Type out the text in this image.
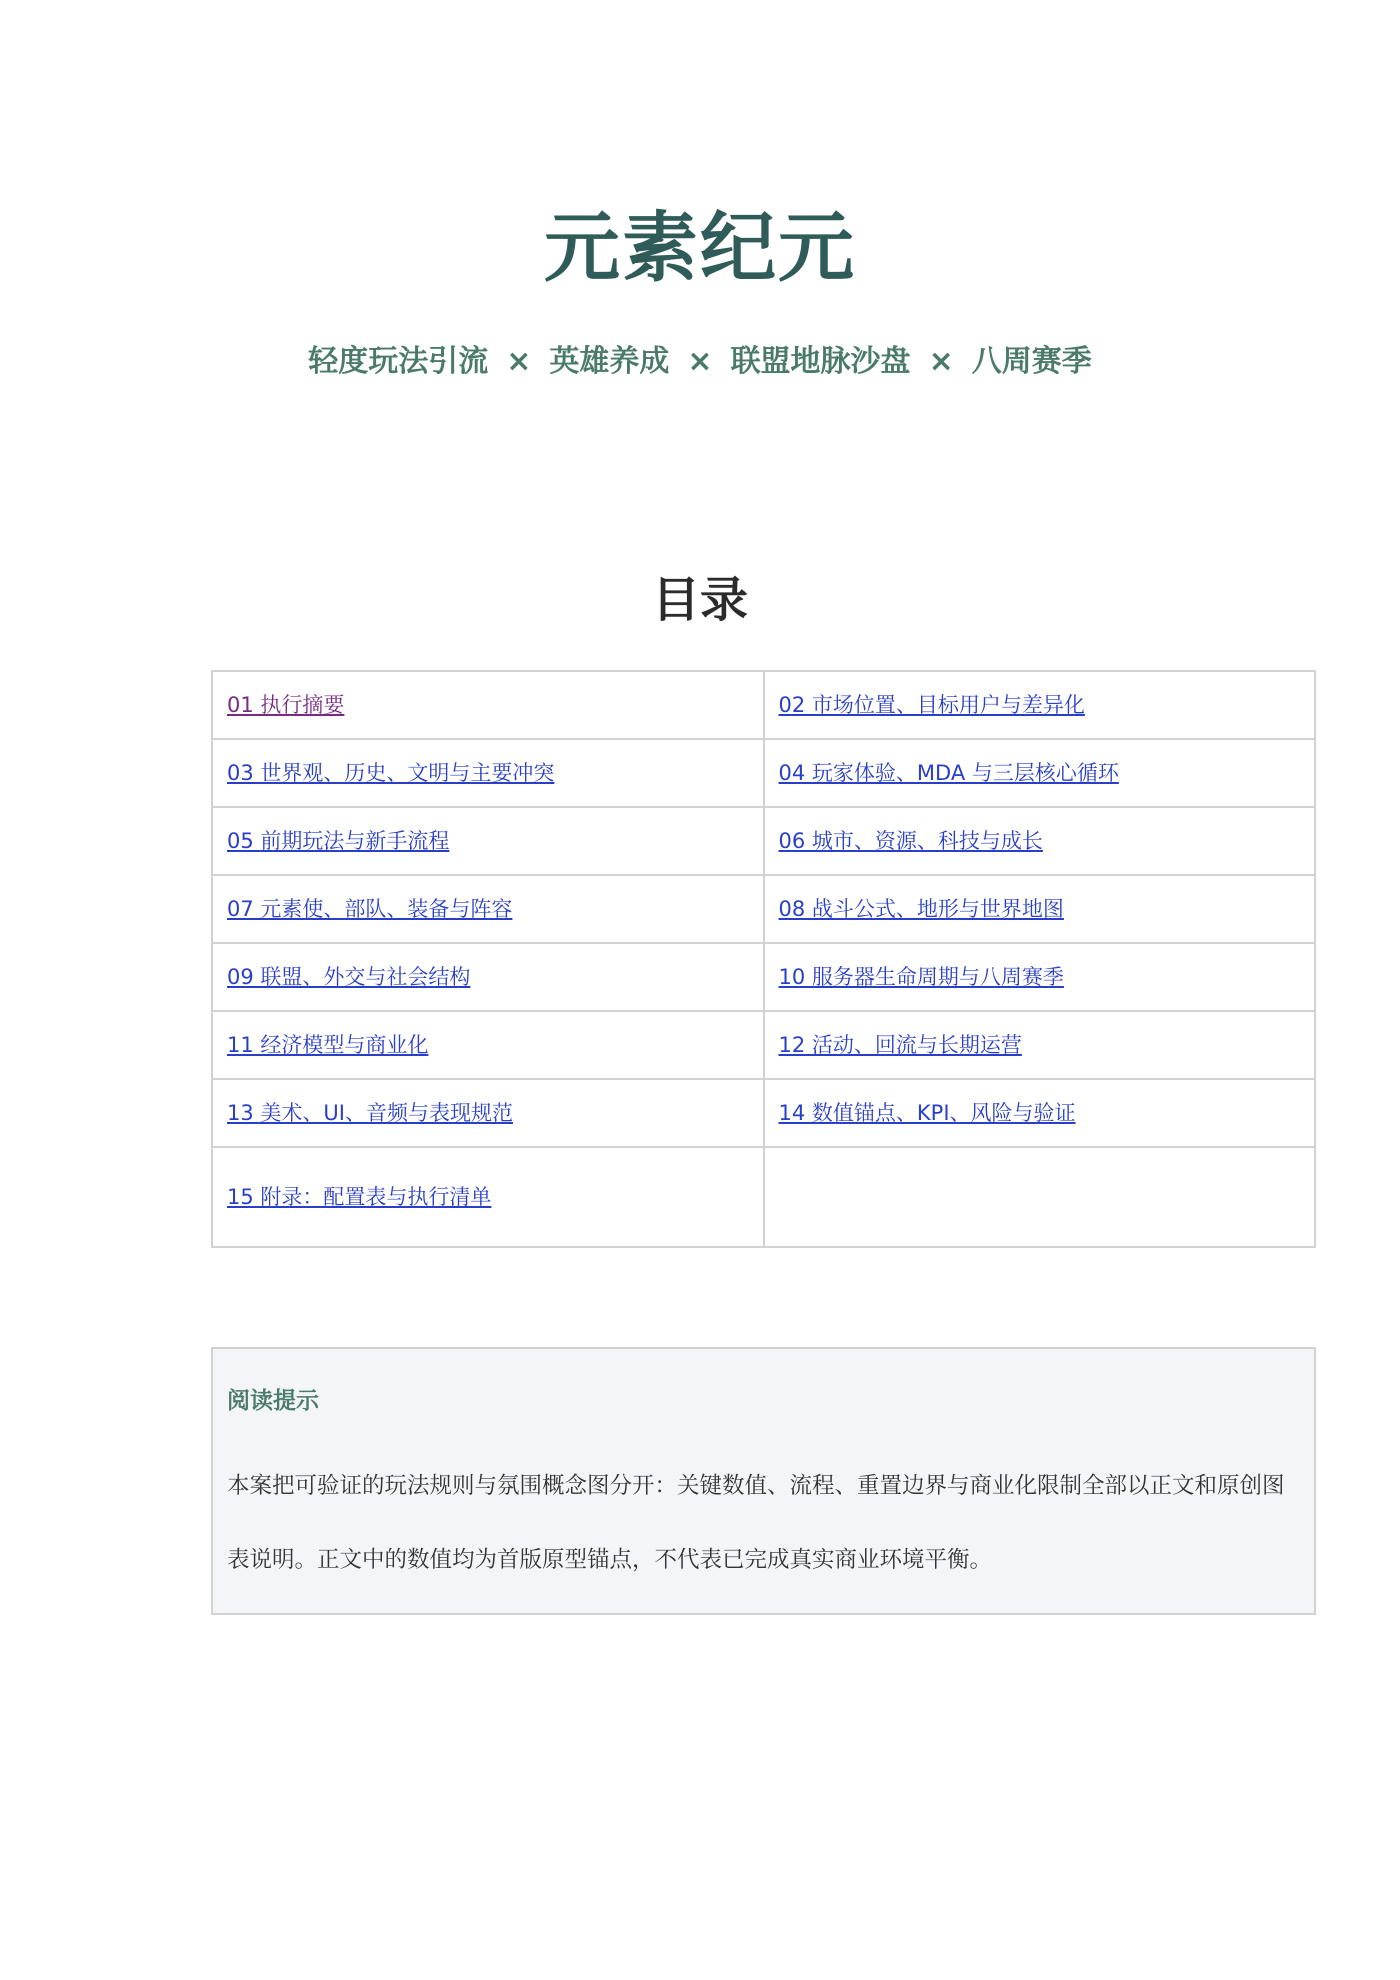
元素纪元
轻度玩法引流 × 英雄养成 × 联盟地脉沙盘 × 八周赛季
目录
01 执行摘要	02 市场位置、目标用户与差异化
03 世界观、历史、文明与主要冲突	04 玩家体验、MDA 与三层核心循环
05 前期玩法与新手流程	06 城市、资源、科技与成长
07 元素使、部队、装备与阵容	08 战斗公式、地形与世界地图
09 联盟、外交与社会结构	10 服务器生命周期与八周赛季
11 经济模型与商业化	12 活动、回流与长期运营
13 美术、UI、音频与表现规范	14 数值锚点、KPI、风险与验证
15 附录：配置表与执行清单	
阅读提示
本案把可验证的玩法规则与氛围概念图分开：关键数值、流程、重置边界与商业化限制全部以正文和原创图表说明。正文中的数值均为首版原型锚点，不代表已完成真实商业环境平衡。
